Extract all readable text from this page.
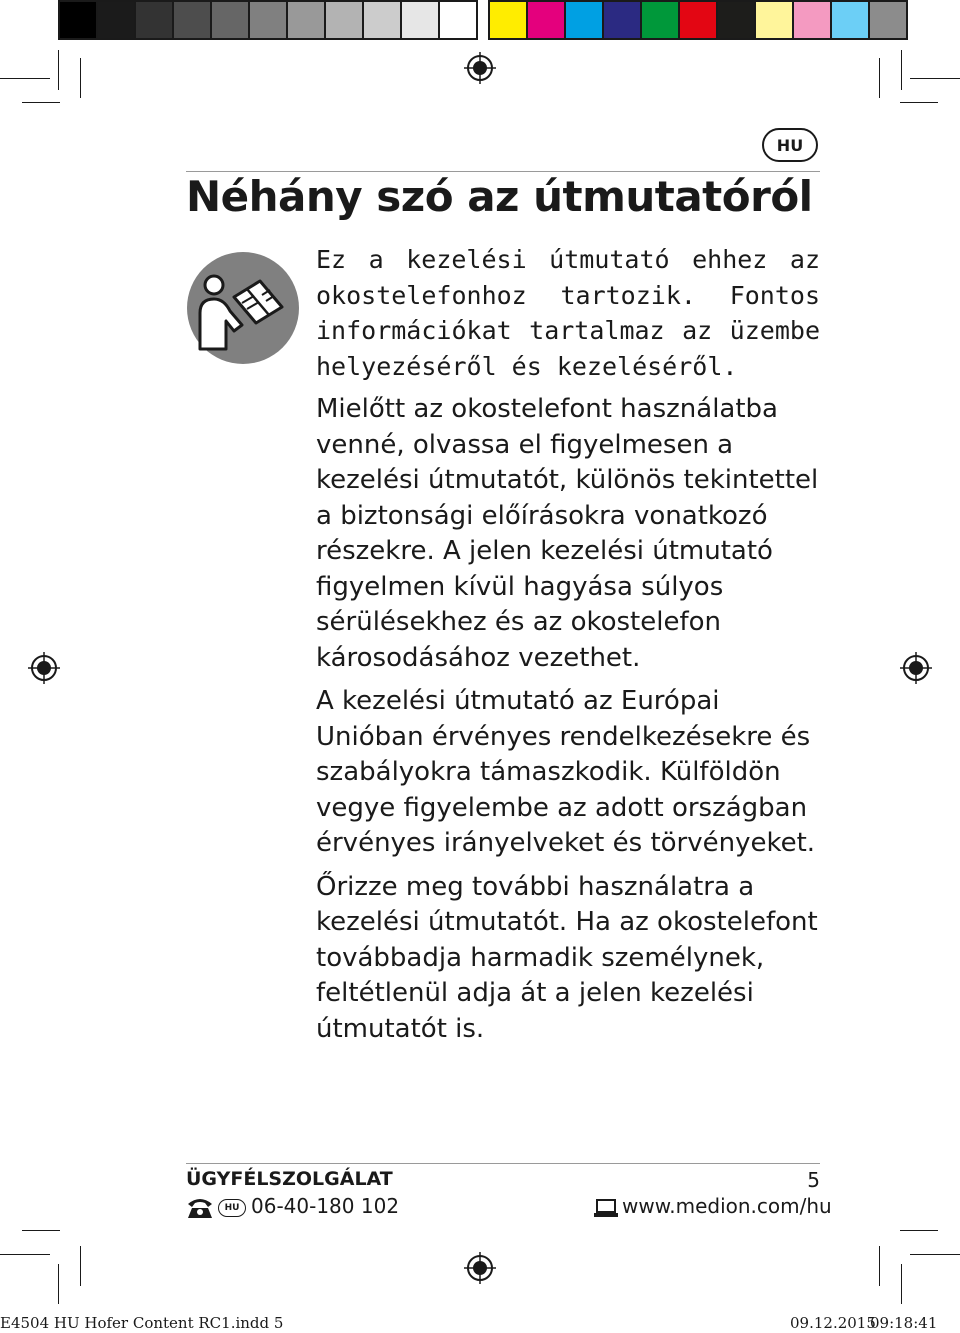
HU
Néhány szó az útmutatóról

Ez a kezelési útmutató ehhez az okostelefonhoz tartozik. Fontos információkat tartalmaz az üzembe helyezéséről és kezeléséről.

Mielőtt az okostelefont használatba venné, olvassa el figyelmesen a kezelési útmutatót, különös tekintettel a biztonsági előírásokra vonatkozó részekre. A jelen kezelési útmutató figyelmen kívül hagyása súlyos sérülésekhez és az okostelefon károsodásához vezethet.

A kezelési útmutató az Európai Unióban érvényes rendelkezésekre és szabályokra támaszkodik. Külföldön vegye figyelembe az adott országban érvényes irányelveket és törvényeket.

Őrizze meg további használatra a kezelési útmutatót. Ha az okostelefont továbbadja harmadik személynek, feltétlenül adja át a jelen kezelési útmutatót is.

ÜGYFÉLSZOLGÁLAT	5
HU 06-40-180 102	www.medion.com/hu
E4504 HU Hofer Content RC1.indd 5	09.12.2015
09:18:41
